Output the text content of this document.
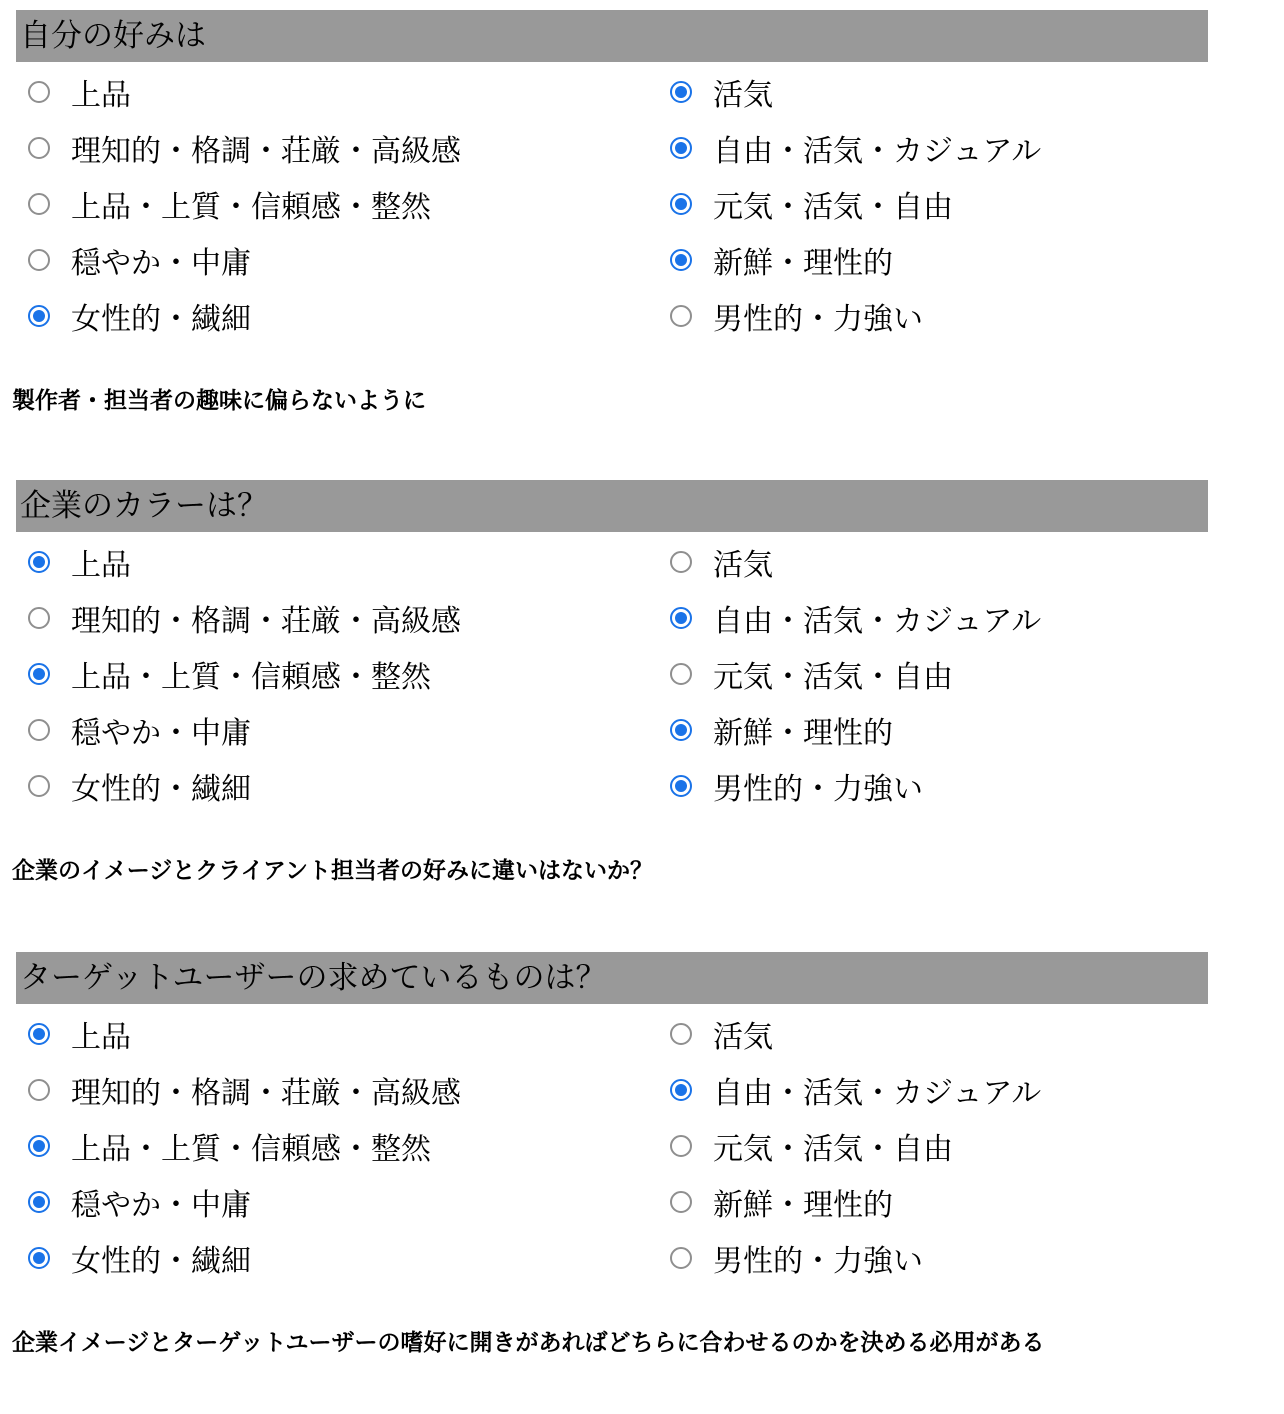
自分の好みは
上品
理知的・格調・荘厳・高級感
上品・上質・信頼感・整然
穏やか・中庸
女性的・繊細
活気
自由・活気・カジュアル
元気・活気・自由
新鮮・理性的
男性的・力強い
製作者・担当者の趣味に偏らないように
企業のカラーは？
上品
理知的・格調・荘厳・高級感
上品・上質・信頼感・整然
穏やか・中庸
女性的・繊細
活気
自由・活気・カジュアル
元気・活気・自由
新鮮・理性的
男性的・力強い
企業のイメージとクライアント担当者の好みに違いはないか？
ターゲットユーザーの求めているものは？
上品
理知的・格調・荘厳・高級感
上品・上質・信頼感・整然
穏やか・中庸
女性的・繊細
活気
自由・活気・カジュアル
元気・活気・自由
新鮮・理性的
男性的・力強い
企業イメージとターゲットユーザーの嗜好に開きがあればどちらに合わせるのかを決める必用がある
